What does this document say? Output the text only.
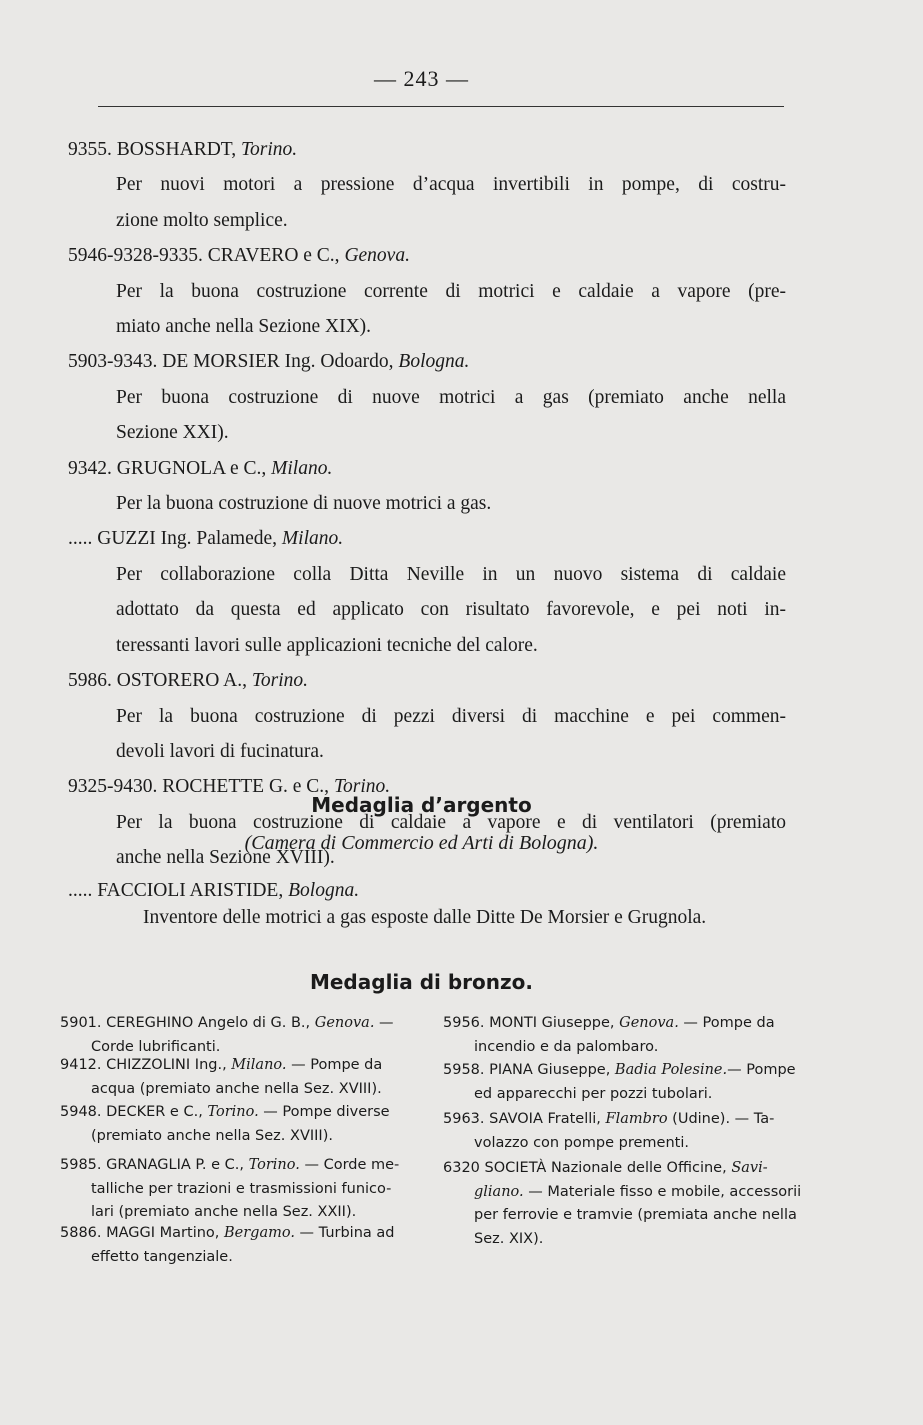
— 243 —
9355. BOSSHARDT, Torino.
Per nuovi motori a pressione d’acqua invertibili in pompe, di costru-
zione molto semplice.
5946-9328-9335. CRAVERO e C., Genova.
Per la buona costruzione corrente di motrici e caldaie a vapore (pre-
miato anche nella Sezione XIX).
5903-9343. DE MORSIER Ing. Odoardo, Bologna.
Per buona costruzione di nuove motrici a gas (premiato anche nella
Sezione XXI).
9342. GRUGNOLA e C., Milano.
Per la buona costruzione di nuove motrici a gas.
..... GUZZI Ing. Palamede, Milano.
Per collaborazione colla Ditta Neville in un nuovo sistema di caldaie
adottato da questa ed applicato con risultato favorevole, e pei noti in-
teressanti lavori sulle applicazioni tecniche del calore.
5986. OSTORERO A., Torino.
Per la buona costruzione di pezzi diversi di macchine e pei commen-
devoli lavori di fucinatura.
9325-9430. ROCHETTE G. e C., Torino.
Per la buona costruzione di caldaie a vapore e di ventilatori (premiato
anche nella Sezione XVIII).
Medaglia d’argento
(Camera di Commercio ed Arti di Bologna).
..... FACCIOLI ARISTIDE, Bologna.
Inventore delle motrici a gas esposte dalle Ditte De Morsier e Grugnola.
Medaglia di bronzo.
5901. CEREGHINO Angelo di G. B., Genova. —
Corde lubrificanti.
9412. CHIZZOLINI Ing., Milano. — Pompe da
acqua (premiato anche nella Sez. XVIII).
5948. DECKER e C., Torino. — Pompe diverse
(premiato anche nella Sez. XVIII).
5985. GRANAGLIA P. e C., Torino. — Corde me-
talliche per trazioni e trasmissioni funico-
lari (premiato anche nella Sez. XXII).
5886. MAGGI Martino, Bergamo. — Turbina ad
effetto tangenziale.
5956. MONTI Giuseppe, Genova. — Pompe da
incendio e da palombaro.
5958. PIANA Giuseppe, Badia Polesine.— Pompe
ed apparecchi per pozzi tubolari.
5963. SAVOIA Fratelli, Flambro (Udine). — Ta-
volazzo con pompe prementi.
6320 SOCIETÀ Nazionale delle Officine, Savi-
gliano. — Materiale fisso e mobile, accessorii
per ferrovie e tramvie (premiata anche nella
Sez. XIX).
